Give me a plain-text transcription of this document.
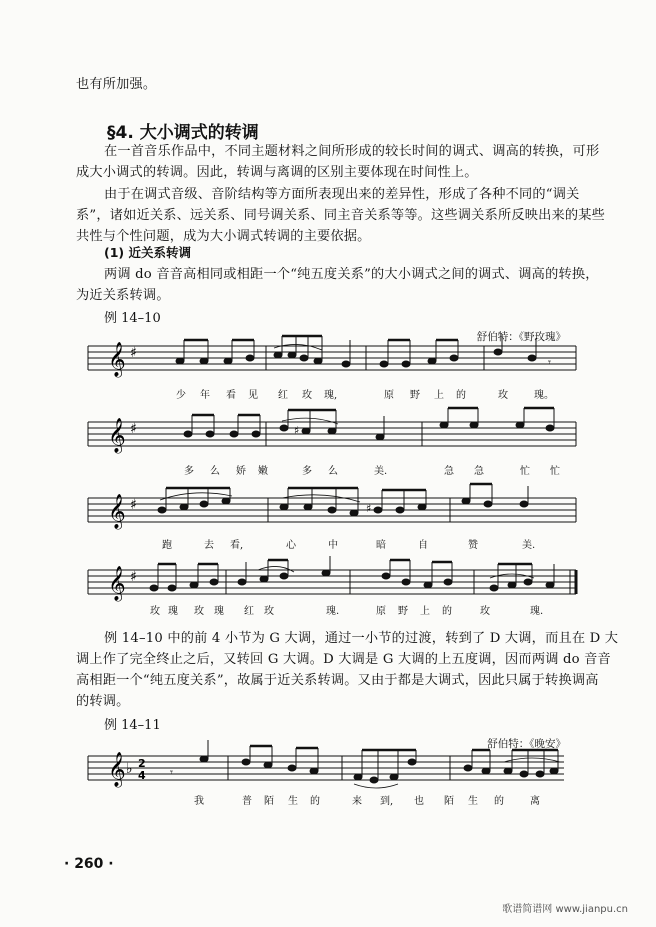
也有所加强。
§4. 大小调式的转调
在一首音乐作品中，不同主题材料之间所形成的较长时间的调式、调高的转换，可形
成大小调式的转调。因此，转调与离调的区别主要体现在时间性上。
由于在调式音级、音阶结构等方面所表现出来的差异性，形成了各种不同的“调关
系”，诸如近关系、远关系、同号调关系、同主音关系等等。这些调关系所反映出来的某些
共性与个性问题，成为大小调式转调的主要依据。
(1) 近关系转调
两调 do 音音高相同或相距一个“纯五度关系”的大小调式之间的调式、调高的转换，
为近关系转调。
例 14–10
舒伯特：《野玫瑰》
𝄞 ♯
𝄾
少 年 看 见 红 玫 瑰,	原 野 上 的	玫	瑰。
𝄞 ♯	♯
多 么 娇 嫩	多 么	美.	急 急	忙 忙
𝄞 ♯	♯
跑	去 看,	心	中	暗	自	赞	美.
𝄞 ♯
玫 瑰 玫 瑰 红 玫	瑰.	原 野 上 的	玫	瑰.
例 14–10 中的前 4 小节为 G 大调，通过一小节的过渡，转到了 D 大调，而且在 D 大
调上作了完全终止之后，又转回 G 大调。D 大调是 G 大调的上五度调，因而两调 do 音音
高相距一个“纯五度关系”，故属于近关系转调。又由于都是大调式，因此只属于转换调高
的转调。
例 14–11
舒伯特：《晚安》
𝄞 ♭ 2
4 𝄾
我	普 陌 生 的	来 到, 也 陌 生 的	离
· 260 ·
歌谱简谱网 www.jianpu.cn
